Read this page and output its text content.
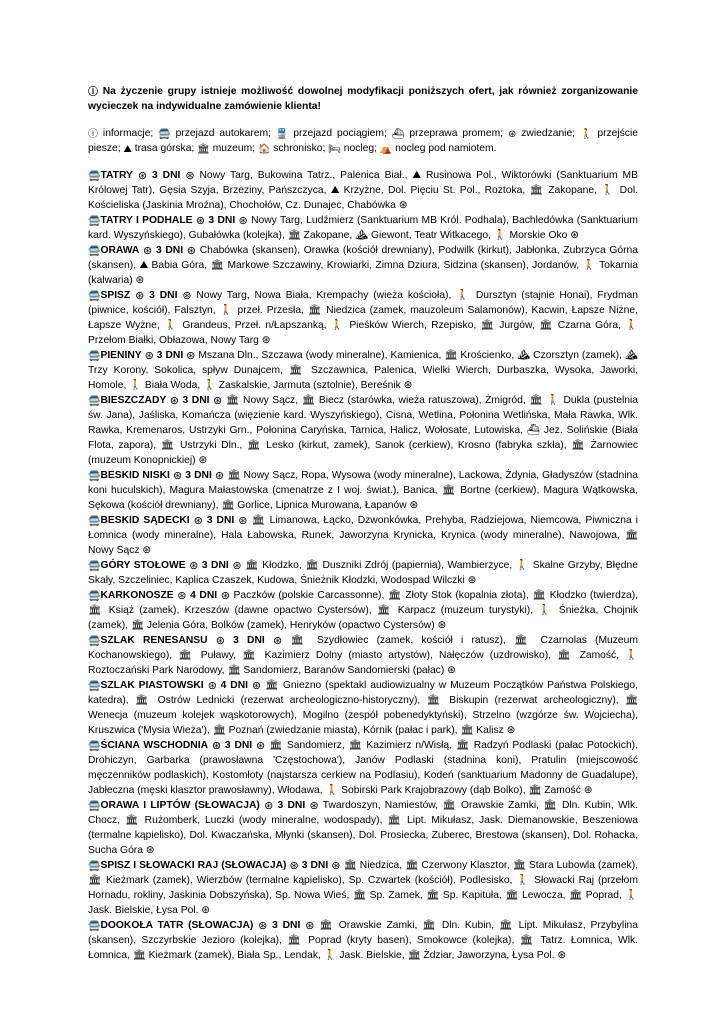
ⓘ Na życzenie grupy istnieje możliwość dowolnej modyfikacji poniższych ofert, jak również zorganizowanie wycieczek na indywidualne zamówienie klienta!
ⓘ informacje; 🚍 przejazd autokarem; 🚆 przejazd pociągiem; ⛴ przeprawa promem; ⊛ zwiedzanie; 🚶 przejście piesze; ⛰ trasa górska; 🏛 muzeum; 🏠 schronisko; 🛏 nocleg; ⛺ nocleg pod namiotem.

🚍TATRY ⊛ 3 DNI ⊛ Nowy Targ, Bukowina Tatrz., Palenica Biał., ⛰ Rusinowa Pol., Wiktorówki (Sanktuarium MB Królowej Tatr), Gęsia Szyja, Brzeziny, Pańszczyca, ⛰ Krzyżne, Dol. Pięciu St. Pol., Roztoka, 🏛 Zakopane, 🚶 Dol. Kościeliska (Jaskinia Mroźna), Chochołów, Cz. Dunajec, Chabówka ⊛

🚍TATRY I PODHALE ⊛ 3 DNI ⊛ Nowy Targ, Ludźmierz (Sanktuarium MB Król. Podhala), Bachledówka (Sanktuarium kard. Wyszyńskiego), Gubałówka (kolejka), 🏛 Zakopane, ⛰ Giewont, Teatr Witkacego, 🚶 Morskie Oko ⊛

🚍ORAWA ⊛ 3 DNI ⊛ Chabówka (skansen), Orawka (kościół drewniany), Podwilk (kirkut), Jabłonka, Zubrzyca Górna (skansen), ⛰ Babia Góra, 🏛 Markowe Szczawiny, Krowiarki, Zimna Dziura, Sidzina (skansen), Jordanów, 🚶 Tokarnia (kalwaria) ⊛

🚍SPISZ ⊛ 3 DNI ⊛ Nowy Targ, Nowa Biała, Krempachy (wieża kościoła), 🚶 Dursztyn (stajnie Honai), Frydman (piwnice, kościół), Falsztyn, 🚶 przeł. Przesła, 🏛 Niedzica (zamek, mauzoleum Salamonów), Kacwin, Łapsze Niżne, Łapsze Wyżne, 🚶 Grandeus, Przeł. n/Łapszanką, 🚶 Pieśków Wierch, Rzepisko, 🏛 Jurgów, 🏛 Czarna Góra, 🚶 Przełom Białki, Obłazowa, Nowy Targ ⊛

🚍PIENINY ⊛ 3 DNI ⊛ Mszana Dln., Szczawa (wody mineralne), Kamienica, 🏛 Krościenko, ⛰ Czorsztyn (zamek), ⛰ Trzy Korony, Sokolica, spływ Dunajcem, 🏛 Szczawnica, Palenica, Wielki Wierch, Durbaszka, Wysoka, Jaworki, Homole, 🚶 Biała Woda, 🚶 Zaskalskie, Jarmuta (sztolnie), Bereśnik ⊛

🚍BIESZCZADY ⊛ 3 DNI ⊛ 🏛 Nowy Sącz, 🏛 Biecz (starówka, wieża ratuszowa), Żmigród, 🏛 🚶 Dukla (pustelnia św. Jana), Jaśliska, Komańcza (więzienie kard. Wyszyńskiego), Cisna, Wetlina, Połonina Wetlińska, Mała Rawka, Wlk. Rawka, Kremenaros, Ustrzyki Grn., Połonina Caryńska, Tarnica, Halicz, Wołosate, Lutowiska, ⛴ Jez. Solińskie (Biała Flota, zapora), 🏛 Ustrzyki Dln., 🏛 Lesko (kirkut, zamek), Sanok (cerkiew), Krosno (fabryka szkła), 🏛 Żarnowiec (muzeum Konopnickiej) ⊛

🚍BESKID NISKI ⊛ 3 DNI ⊛ 🏛 Nowy Sącz, Ropa, Wysowa (wody mineralne), Lackowa, Żdynia, Gładyszów (stadnina koni huculskich), Magura Małastowska (cmenatrze z I woj. świat.), Banica, 🏛 Bortne (cerkiew), Magura Wątkowska, Sękowa (kościół drewniany), 🏛 Gorlice, Lipnica Murowana, Łapanów ⊛

🚍BESKID SĄDECKI ⊛ 3 DNI ⊛ 🏛 Limanowa, Łącko, Dzwonkówka, Prehyba, Radziejowa, Niemcowa, Piwniczna i Łomnica (wody mineralne), Hala Łabowska, Runek, Jaworzyna Krynicka, Krynica (wody mineralne), Nawojowa, 🏛 Nowy Sącz ⊛

🚍GÓRY STOŁOWE ⊛ 3 DNI ⊛ 🏛 Kłodzko, 🏛 Duszniki Zdrój (papiernia), Wambierzyce, 🚶 Skalne Grzyby, Błędne Skały, Szczeliniec, Kaplica Czaszek, Kudowa, Śnieżnik Kłodzki, Wodospad Wilczki ⊛

🚍KARKONOSZE ⊛ 4 DNI ⊛ Paczków (polskie Carcassonne), 🏛 Złoty Stok (kopalnia złota), 🏛 Kłodzko (twierdza), 🏛 Książ (zamek), Krzeszów (dawne opactwo Cystersów), 🏛 Karpacz (muzeum turystyki), 🚶 Śnieżka, Chojnik (zamek), 🏛 Jelenia Góra, Bolków (zamek), Henryków (opactwo Cystersów) ⊛

🚍SZLAK RENESANSU ⊛ 3 DNI ⊛ 🏛 Szydłowiec (zamek, kościół i ratusz), 🏛 Czarnolas (Muzeum Kochanowskiego), 🏛 Puławy, 🏛 Kazimierz Dolny (miasto artystów), Nałęczów (uzdrowisko), 🏛 Zamość, 🚶 Roztoczański Park Narodowy, 🏛 Sandomierz, Baranów Sandomierski (pałac) ⊛

🚍SZLAK PIASTOWSKI ⊛ 4 DNI ⊛ 🏛 Gniezno (spektakl audiowizualny w Muzeum Początków Państwa Polskiego, katedra), 🏛 Ostrów Lednicki (rezerwat archeologiczno-historyczny), 🏛 Biskupin (rezerwat archeologiczny), 🏛 Wenecja (muzeum kolejek wąskotorowych), Mogilno (zespół pobenedyktyński), Strzelno (wzgórze św. Wojciecha), Kruszwica ('Mysia Wieża'), 🏛 Poznań (zwiedzanie miasta), Kórnik (pałac i park), 🏛 Kalisz ⊛

🚍ŚCIANA WSCHODNIA ⊛ 3 DNI ⊛ 🏛 Sandomierz, 🏛 Kazimierz n/Wisłą, 🏛 Radzyń Podlaski (pałac Potockich), Drohiczyn, Garbarka (prawosławna 'Częstochowa'), Janów Podlaski (stadnina koni), Pratulin (miejscowość męczenników podlaskich), Kostomłoty (najstarsza cerkiew na Podlasiu), Kodeń (sanktuarium Madonny de Guadalupe), Jabłeczna (męski klasztor prawosławny), Włodawa, 🚶 Sobirski Park Krajobrazowy (dąb Bolko), 🏛 Zamość ⊛

🚍ORAWA I LIPTÓW (SŁOWACJA) ⊛ 3 DNI ⊛ Twardoszyn, Namiestów, 🏛 Orawskie Zamki, 🏛 Dln. Kubin, Wlk. Chocz, 🏛 Rużomberk, Luczki (wody mineralne, wodospady), 🏛 Lipt. Mikułasz, Jask. Diemanowskie, Beszeniowa (termalne kąpielisko), Dol. Kwaczańska, Młynki (skansen), Dol. Prosiecka, Zuberec, Brestowa (skansen), Dol. Rohacka, Sucha Góra ⊛

🚍SPISZ I SŁOWACKI RAJ (SŁOWACJA) ⊛ 3 DNI ⊛ 🏛 Niedzica, 🏛 Czerwony Klasztor, 🏛 Stara Lubowla (zamek), 🏛 Kieżmark (zamek), Wierzbów (termalne kąpielisko), Sp. Czwartek (kościół), Podlesisko, 🚶 Słowacki Raj (przełom Hornadu, rokliny, Jaskinia Dobszyńska), Sp. Nowa Wieś, 🏛 Sp. Zamek, 🏛 Sp. Kapituła, 🏛 Lewocza, 🏛 Poprad, 🚶 Jask. Bielskie, Łysa Pol. ⊛

🚍DOOKOŁA TATR (SŁOWACJA) ⊛ 3 DNI ⊛ 🏛 Orawskie Zamki, 🏛 Dln. Kubin, 🏛 Lipt. Mikułasz, Przybylina (skansen), Szczyrbskie Jezioro (kolejka), 🏛 Poprad (kryty basen), Smokowce (kolejka), 🏛 Tatrz. Łomnica, Wlk. Łomnica, 🏛 Kieżmark (zamek), Biała Sp., Lendak, 🚶 Jask. Bielskie, 🏛 Żdziar, Jaworzyna, Łysa Pol. ⊛
